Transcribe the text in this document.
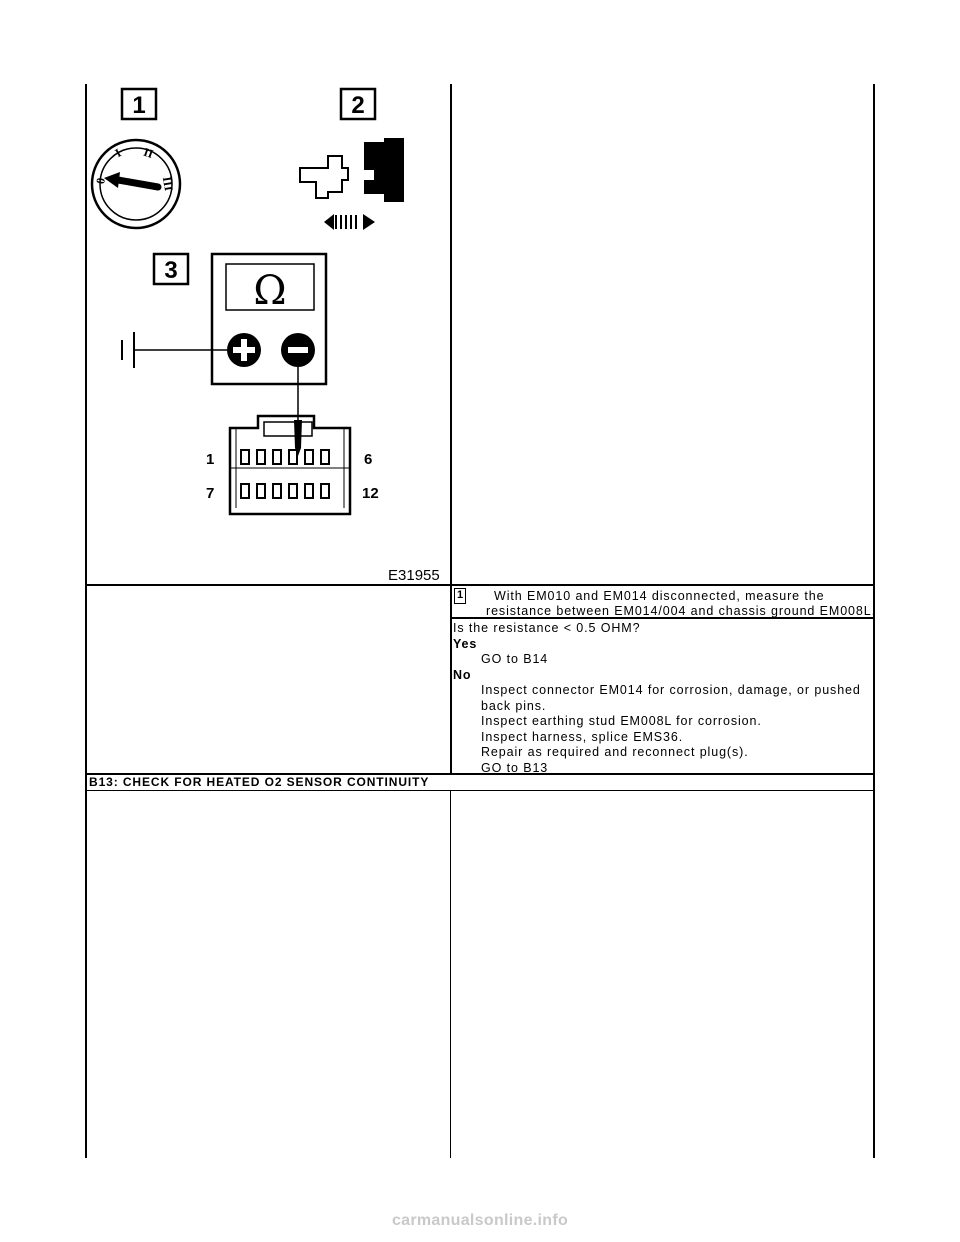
1	2
3
0
I II
III
Ω
1	6
7	12
E31955
1 With EM010 and EM014 disconnected, measure the
resistance between EM014/004 and chassis ground EM008L.
Is the resistance < 0.5 OHM?
Yes
GO to B14
No
Inspect connector EM014 for corrosion, damage, or pushed
back pins.
Inspect earthing stud EM008L for corrosion.
Inspect harness, splice EMS36.
Repair as required and reconnect plug(s).
GO to B13
B13: CHECK FOR HEATED O2 SENSOR CONTINUITY
carmanualsonline.info
